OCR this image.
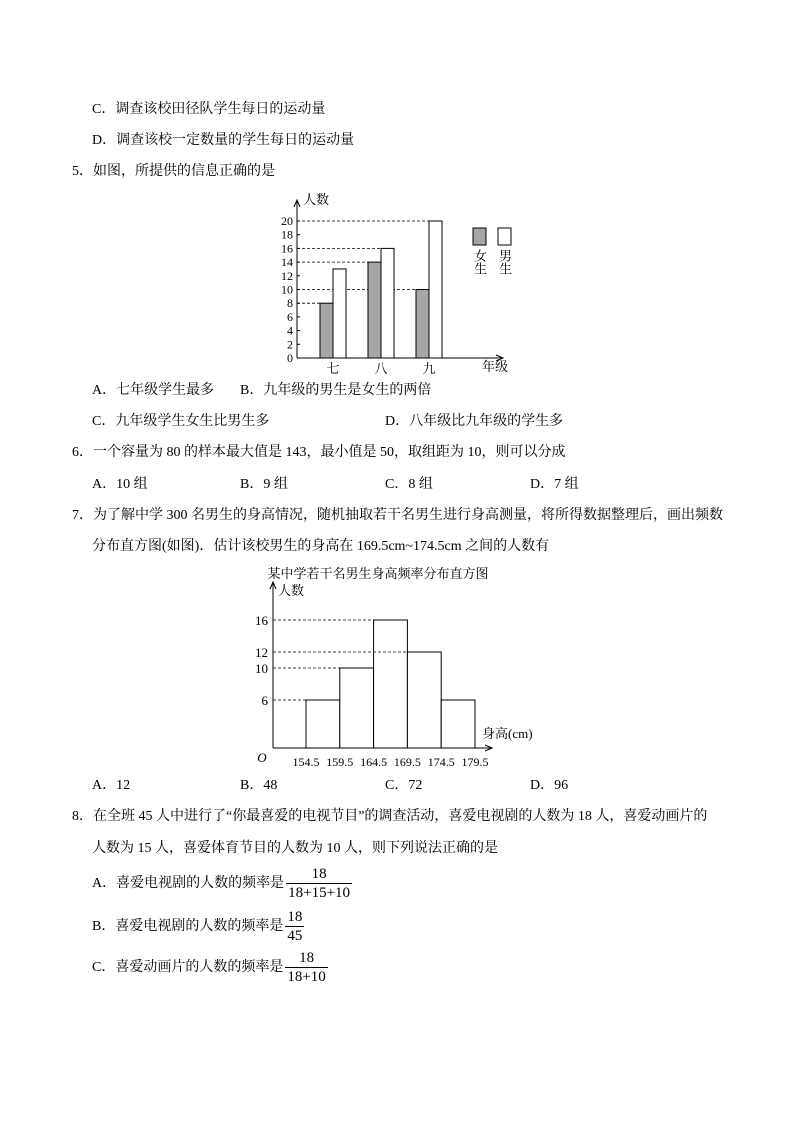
C．调查该校田径队学生每日的运动量
D．调查该校一定数量的学生每日的运动量
5．如图，所提供的信息正确的是
0
2
4
6
8
10
12
14
16
18
20
七	八	九
人数
年级
女生 男生
A．七年级学生最多 B．九年级的男生是女生的两倍
C．九年级学生女生比男生多	D．八年级比九年级的学生多
6．一个容量为 80 的样本最大值是 143，最小值是 50，取组距为 10，则可以分成
A．10 组	B．9 组	C．8 组	D．7 组
7．为了解中学 300 名男生的身高情况，随机抽取若干名男生进行身高测量，将所得数据整理后，画出频数
分布直方图(如图)．估计该校男生的身高在 169.5cm~174.5cm 之间的人数有
6
10
12
16
154.5 159.5 164.5 169.5 174.5 179.5
某中学若干名男生身高频率分布直方图
人数
身高(cm)
O
A．12	B．48	C．72	D．96
8．在全班 45 人中进行了“你最喜爱的电视节目”的调查活动，喜爱电视剧的人数为 18 人，喜爱动画片的
人数为 15 人，喜爱体育节目的人数为 10 人，则下列说法正确的是
A．喜爱电视剧的人数的频率是 $\frac{18}{18+15+10}$
B．喜爱电视剧的人数的频率是 $\frac{18}{45}$
C．喜爱动画片的人数的频率是 $\frac{18}{18+10}$
